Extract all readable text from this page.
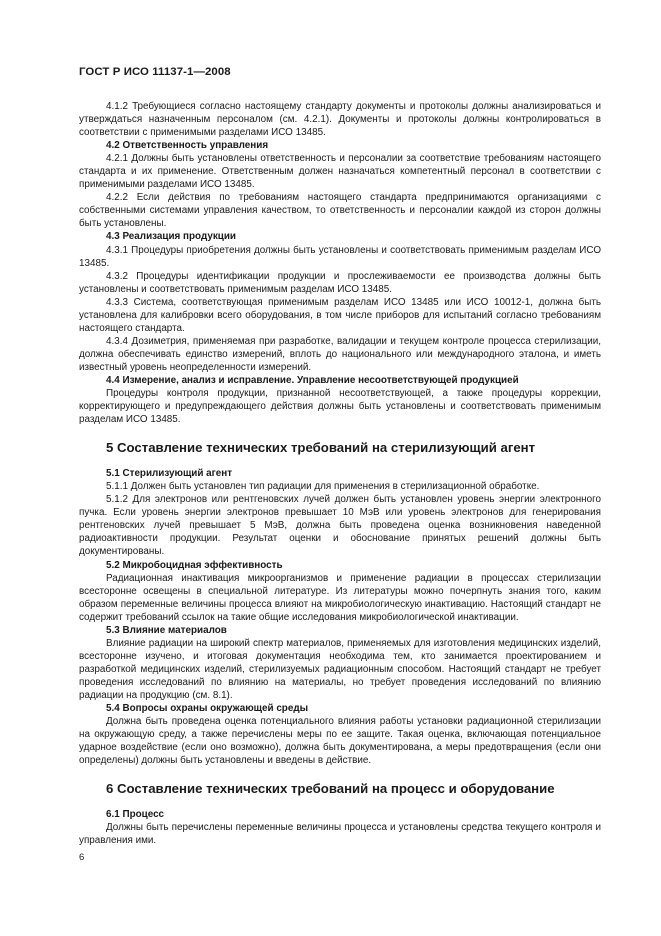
ГОСТ Р ИСО 11137-1—2008

4.1.2 Требующиеся согласно настоящему стандарту документы и протоколы должны анализироваться и утверждаться назначенным персоналом (см. 4.2.1). Документы и протоколы должны контролироваться в соответствии с применимыми разделами ИСО 13485.

4.2 Ответственность управления

4.2.1 Должны быть установлены ответственность и персоналии за соответствие требованиям настоящего стандарта и их применение. Ответственным должен назначаться компетентный персонал в соответствии с применимыми разделами ИСО 13485.

4.2.2 Если действия по требованиям настоящего стандарта предпринимаются организациями с собственными системами управления качеством, то ответственность и персоналии каждой из сторон должны быть установлены.

4.3 Реализация продукции

4.3.1 Процедуры приобретения должны быть установлены и соответствовать применимым разделам ИСО 13485.

4.3.2 Процедуры идентификации продукции и прослеживаемости ее производства должны быть установлены и соответствовать применимым разделам ИСО 13485.

4.3.3 Система, соответствующая применимым разделам ИСО 13485 или ИСО 10012-1, должна быть установлена для калибровки всего оборудования, в том числе приборов для испытаний согласно требованиям настоящего стандарта.

4.3.4 Дозиметрия, применяемая при разработке, валидации и текущем контроле процесса стерилизации, должна обеспечивать единство измерений, вплоть до национального или международного эталона, и иметь известный уровень неопределенности измерений.

4.4 Измерение, анализ и исправление. Управление несоответствующей продукцией

Процедуры контроля продукции, признанной несоответствующей, а также процедуры коррекции, корректирующего и предупреждающего действия должны быть установлены и соответствовать применимым разделам ИСО 13485.

5 Составление технических требований на стерилизующий агент

5.1 Стерилизующий агент

5.1.1 Должен быть установлен тип радиации для применения в стерилизационной обработке.

5.1.2 Для электронов или рентгеновских лучей должен быть установлен уровень энергии электронного пучка. Если уровень энергии электронов превышает 10 МэВ или уровень электронов для генерирования рентгеновских лучей превышает 5 МэВ, должна быть проведена оценка возникновения наведенной радиоактивности продукции. Результат оценки и обоснование принятых решений должны быть документированы.

5.2 Микробоцидная эффективность

Радиационная инактивация микроорганизмов и применение радиации в процессах стерилизации всесторонне освещены в специальной литературе. Из литературы можно почерпнуть знания того, каким образом переменные величины процесса влияют на микробиологическую инактивацию. Настоящий стандарт не содержит требований ссылок на такие общие исследования микробиологической инактивации.

5.3 Влияние материалов

Влияние радиации на широкий спектр материалов, применяемых для изготовления медицинских изделий, всесторонне изучено, и итоговая документация необходима тем, кто занимается проектированием и разработкой медицинских изделий, стерилизуемых радиационным способом. Настоящий стандарт не требует проведения исследований по влиянию на материалы, но требует проведения исследований по влиянию радиации на продукцию (см. 8.1).

5.4 Вопросы охраны окружающей среды

Должна быть проведена оценка потенциального влияния работы установки радиационной стерилизации на окружающую среду, а также перечислены меры по ее защите. Такая оценка, включающая потенциальное ударное воздействие (если оно возможно), должна быть документирована, а меры предотвращения (если они определены) должны быть установлены и введены в действие.

6 Составление технических требований на процесс и оборудование

6.1 Процесс

Должны быть перечислены переменные величины процесса и установлены средства текущего контроля и управления ими.

6
